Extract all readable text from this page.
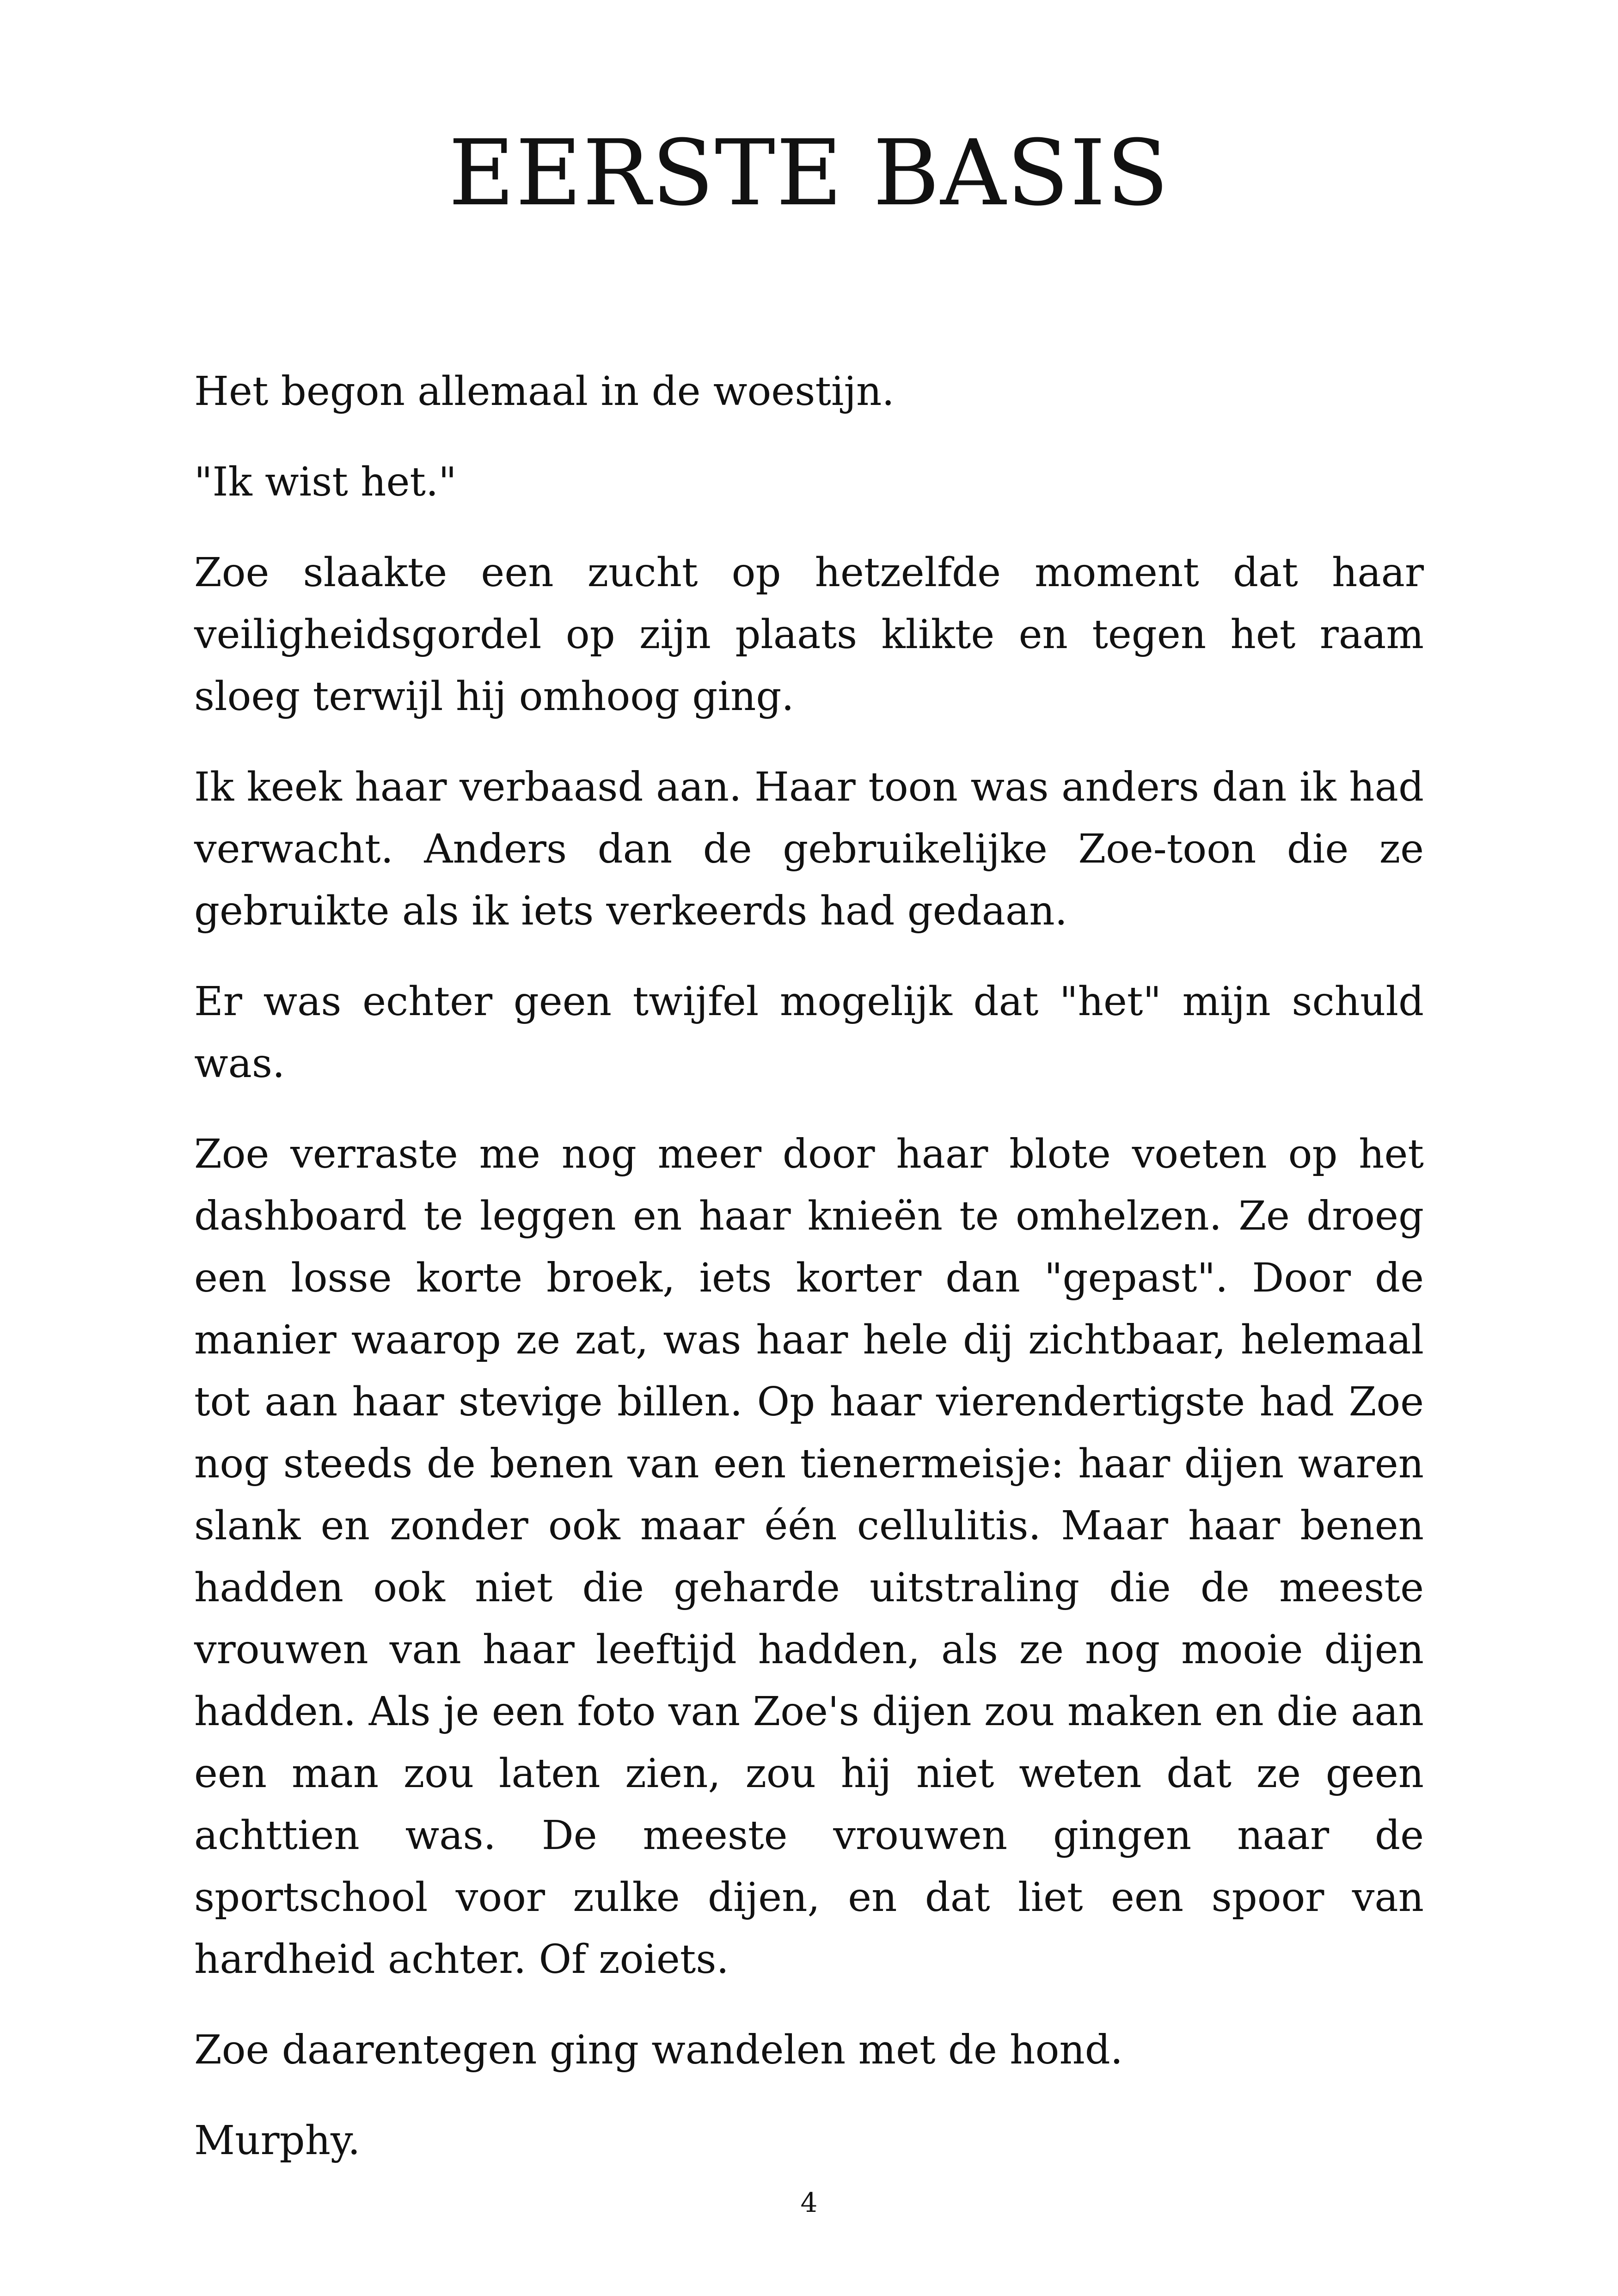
EERSTE BASIS

Het begon allemaal in de woestijn.

"Ik wist het."

Zoe slaakte een zucht op hetzelfde moment dat haar veiligheidsgordel op zijn plaats klikte en tegen het raam sloeg terwijl hij omhoog ging.

Ik keek haar verbaasd aan. Haar toon was anders dan ik had verwacht. Anders dan de gebruikelijke Zoe-toon die ze gebruikte als ik iets verkeerds had gedaan.

Er was echter geen twijfel mogelijk dat "het" mijn schuld was.

Zoe verraste me nog meer door haar blote voeten op het dashboard te leggen en haar knieën te omhelzen. Ze droeg een losse korte broek, iets korter dan "gepast". Door de manier waarop ze zat, was haar hele dij zichtbaar, helemaal tot aan haar stevige billen. Op haar vierendertigste had Zoe nog steeds de benen van een tienermeisje: haar dijen waren slank en zonder ook maar één cellulitis. Maar haar benen hadden ook niet die geharde uitstraling die de meeste vrouwen van haar leeftijd hadden, als ze nog mooie dijen hadden. Als je een foto van Zoe's dijen zou maken en die aan een man zou laten zien, zou hij niet weten dat ze geen achttien was. De meeste vrouwen gingen naar de sportschool voor zulke dijen, en dat liet een spoor van hardheid achter. Of zoiets.

Zoe daarentegen ging wandelen met de hond.

Murphy.

4
